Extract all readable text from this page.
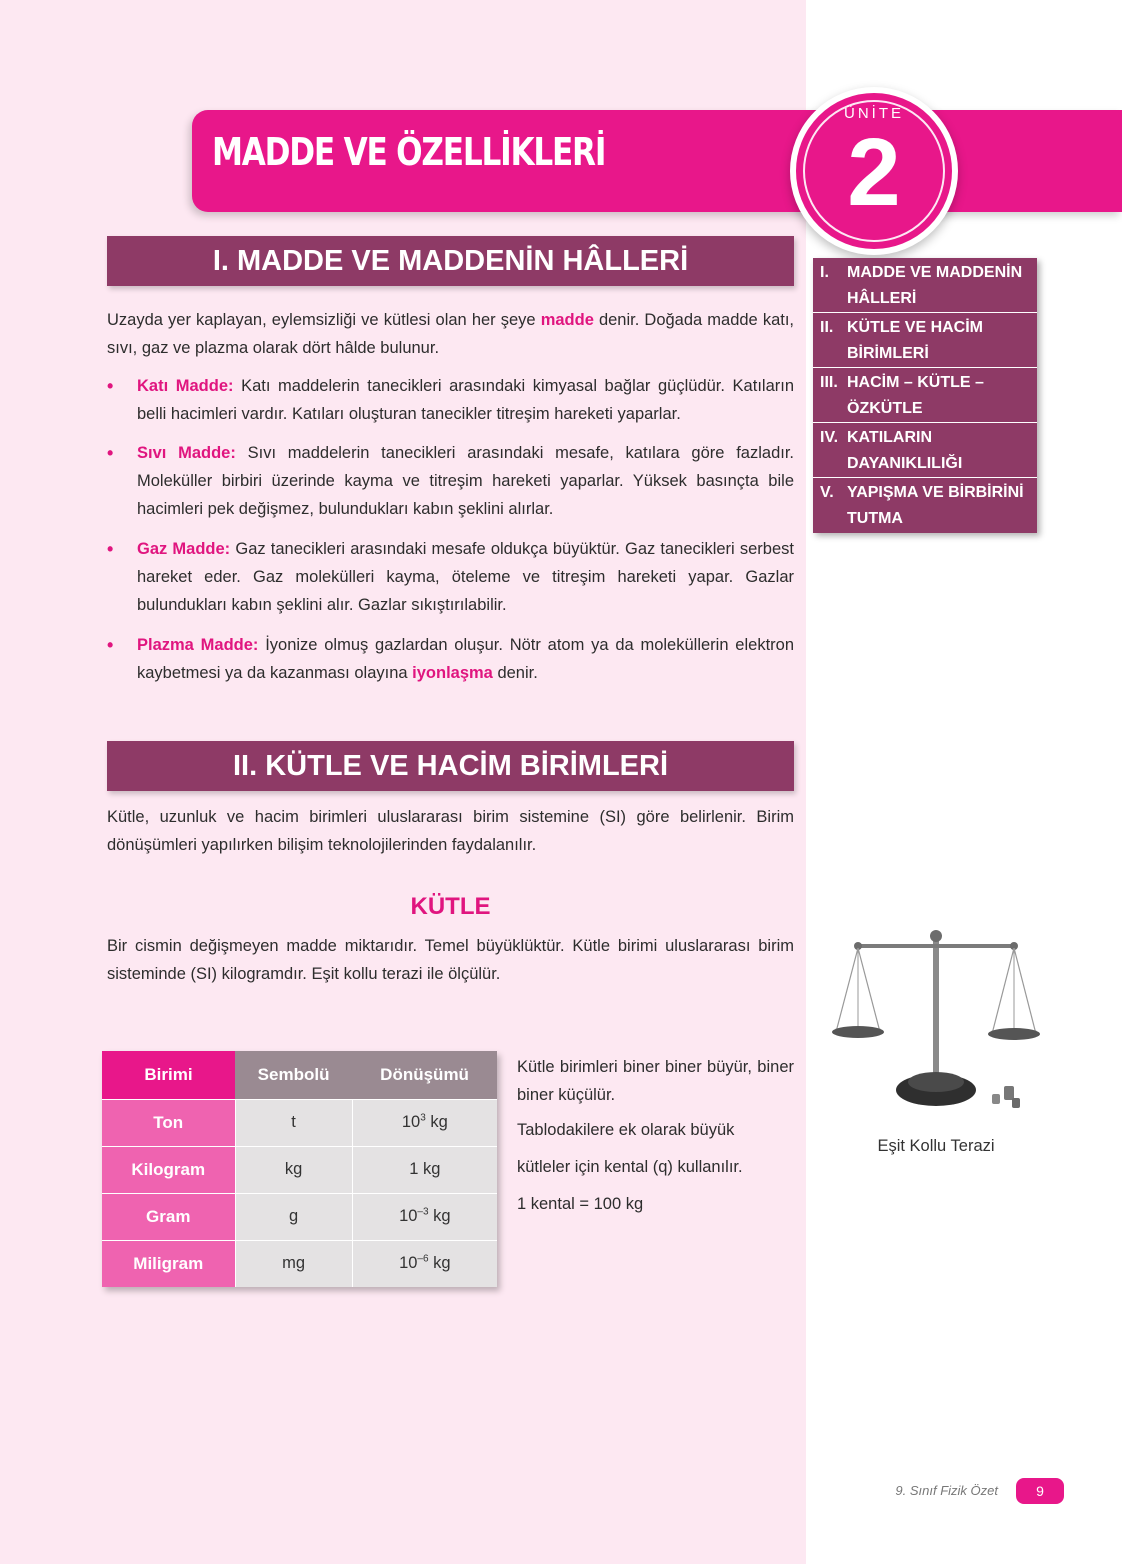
MADDE VE ÖZELLİKLERİ
ÜNİTE
2
I. MADDE VE MADDENİN HÂLLERİ
II. KÜTLE VE HACİM BİRİMLERİ
III. HACİM – KÜTLE – ÖZKÜTLE
IV. KATILARIN DAYANIKLILIĞI
V. YAPIŞMA VE BİRBİRİNİ TUTMA
I. MADDE VE MADDENİN HÂLLERİ
Uzayda yer kaplayan, eylemsizliği ve kütlesi olan her şeye madde denir. Doğada madde katı, sıvı, gaz ve plazma olarak dört hâlde bulunur.
• Katı Madde: Katı maddelerin tanecikleri arasındaki kimyasal bağlar güçlüdür. Katıların belli hacimleri vardır. Katıları oluşturan tanecikler titreşim hareketi yaparlar.
• Sıvı Madde: Sıvı maddelerin tanecikleri arasındaki mesafe, katılara göre fazladır. Moleküller birbiri üzerinde kayma ve titreşim hareketi yaparlar. Yüksek basınçta bile hacimleri pek değişmez, bulundukları kabın şeklini alırlar.
• Gaz Madde: Gaz tanecikleri arasındaki mesafe oldukça büyüktür. Gaz tanecikleri serbest hareket eder. Gaz molekülleri kayma, öteleme ve titreşim hareketi yapar. Gazlar bulundukları kabın şeklini alır. Gazlar sıkıştırılabilir.
• Plazma Madde: İyonize olmuş gazlardan oluşur. Nötr atom ya da moleküllerin elektron kaybetmesi ya da kazanması olayına iyonlaşma denir.
II. KÜTLE VE HACİM BİRİMLERİ
Kütle, uzunluk ve hacim birimleri uluslararası birim sistemine (SI) göre belirlenir. Birim dönüşümleri yapılırken bilişim teknolojilerinden faydalanılır.
KÜTLE
Bir cismin değişmeyen madde miktarıdır. Temel büyüklüktür. Kütle birimi uluslararası birim sisteminde (SI) kilogramdır. Eşit kollu terazi ile ölçülür.
Birimi	Sembolü	Dönüşümü
Ton	t	$10^3$ kg
Kilogram	kg	1 kg
Gram	g	$10^{-3}$ kg
Miligram	mg	$10^{-6}$ kg
Kütle birimleri biner biner büyür, biner biner küçülür.
Tablodakilere ek olarak büyük
kütleler için kental (q) kullanılır.
1 kental = 100 kg
Eşit Kollu Terazi
9. Sınıf Fizik Özet	9
